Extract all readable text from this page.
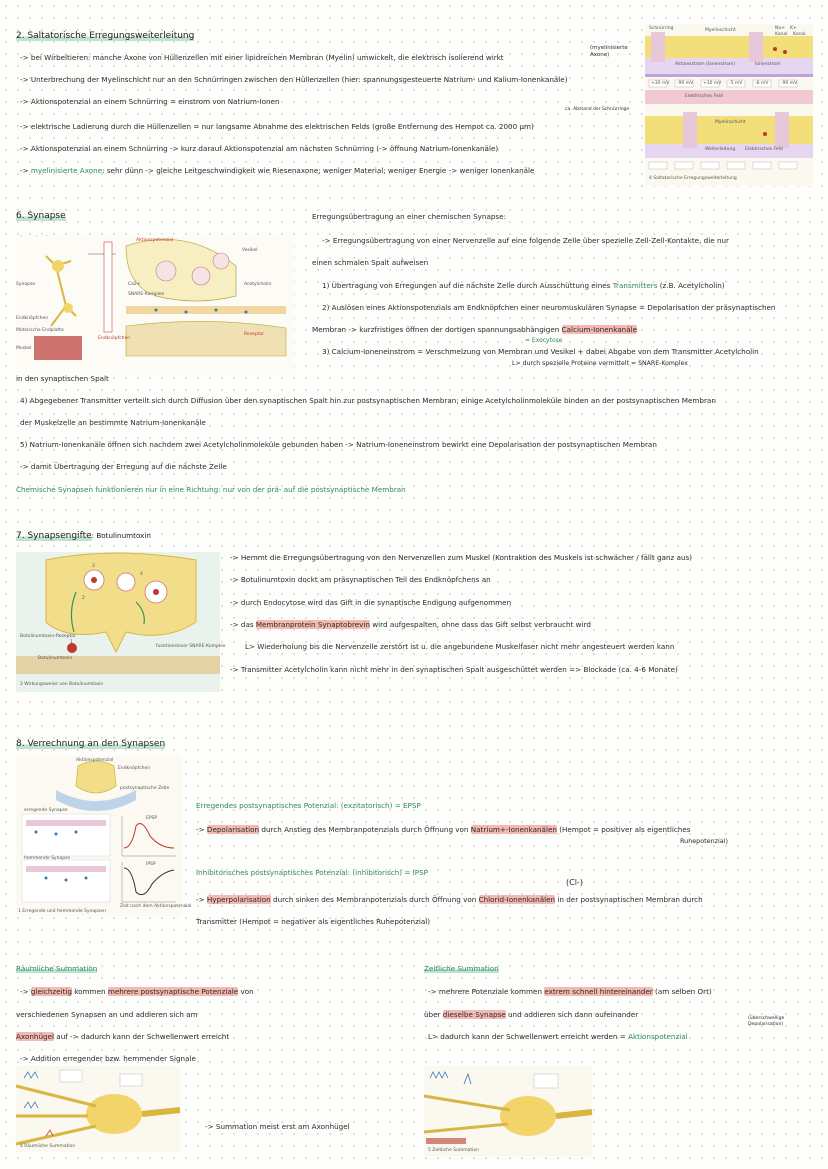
2. Saltatorische Erregungsweiterleitung
-> bei Wirbeltieren: manche Axone von Hüllenzellen mit einer lipidreichen Membran (Myelin) umwickelt, die elektrisch isolierend wirkt
(myelinisierte Axone)
-> Unterbrechung der Myelinschicht nur an den Schnürringen zwischen den Hüllenzellen (hier: spannungsgesteuerte Natrium- und Kalium-Ionenkanäle)
-> Aktionspotenzial an einem Schnürring = einstrom von Natrium-Ionen
ca. Abstand der Schnürringe
-> elektrische Ladierung durch die Hüllenzellen = nur langsame Abnahme des elektrischen Felds (große Entfernung des Hempot ca. 2000 µm)
-> Aktionspotenzial an einem Schnürring -> kurz darauf Aktionspotenzial am nächsten Schnürring (-> öffnung Natrium-Ionenkanäle)
-> myelinisierte Axone: sehr dünn -> gleiche Leitgeschwindigkeit wie Riesenaxone; weniger Material; weniger Energie -> weniger Ionenkanäle
Schnürring	Myelinschicht	Na+ K+
Kanal Kanal
Aktionsstrom (Ionenstrom)	Ionenstrom
Elektrisches Feld
Myelinschicht
Weiterleitung Elektrisches Feld
+30 mV -90 mV +30 mV -5 mV	-6 mV	-90 mV
4 Saltatorische Erregungsweiterleitung
6. Synapse
Synapse
Endknöpfchen
Motorische Endplatte
Muskel
Endknöpfchen
Aktionspotenzial
Vesikel
SNARE-Komplex
Ca2+	Acetylcholin
Rezeptor
Erregungsübertragung an einer chemischen Synapse:
-> Erregungsübertragung von einer Nervenzelle auf eine folgende Zelle über spezielle Zell-Zell-Kontakte, die nur
einen schmalen Spalt aufweisen
1) Übertragung von Erregungen auf die nächste Zelle durch Ausschüttung eines Transmitters (z.B. Acetylcholin)
2) Auslösen eines Aktionspotenzials am Endknöpfchen einer neuromuskulären Synapse = Depolarisation der präsynaptischen
Membran -> kurzfristiges öffnen der dortigen spannungsabhängigen Calcium-Ionenkanäle
= Exocytose
3) Calcium-Ioneneinstrom = Verschmelzung von Membran und Vesikel + dabei Abgabe von dem Transmitter Acetylcholin
L> durch spezielle Proteine vermittelt = SNARE-Komplex
in den synaptischen Spalt
4) Abgegebener Transmitter verteilt sich durch Diffusion über den synaptischen Spalt hin zur postsynaptischen Membran; einige Acetylcholinmoleküle binden an der postsynaptischen Membran
der Muskelzelle an bestimmte Natrium-Ionenkanäle
5) Natrium-Ionenkanäle öffnen sich nachdem zwei Acetylcholinmoleküle gebunden haben -> Natrium-Ioneneinstrom bewirkt eine Depolarisation der postsynaptischen Membran
-> damit Übertragung der Erregung auf die nächste Zelle
Chemische Synapsen funktionieren nur in eine Richtung: nur von der prä- auf die postsynaptische Membran
7. Synapsengifte: Botulinumtoxin
Botulinumtoxin-Rezeptor
Botulinumtoxin
funktionsloser SNARE-Komplex
1
2
3
4
2 Wirkungsweise von Botulinumtoxin
-> Hemmt die Erregungsübertragung von den Nervenzellen zum Muskel (Kontraktion des Muskels ist schwächer / fällt ganz aus)
-> Botulinumtoxin dockt am präsynaptischen Teil des Endknöpfchens an
-> durch Endocytose wird das Gift in die synaptische Endigung aufgenommen
-> das Membranprotein Synaptobrevin wird aufgespalten, ohne dass das Gift selbst verbraucht wird
L> Wiederholung bis die Nervenzelle zerstört ist u. die angebundene Muskelfaser nicht mehr angesteuert werden kann
-> Transmitter Acetylcholin kann nicht mehr in den synaptischen Spalt ausgeschüttet werden => Blockade (ca. 4-6 Monate)
8. Verrechnung an den Synapsen
Aktionspotenzial
Endknöpfchen
postsynaptische Zelle
erregende Synapse
hemmende Synapse
Zeit nach dem Aktionspotenzial
EPSP
IPSP
1 Erregende und hemmende Synapsen
Erregendes postsynaptisches Potenzial: (exzitatorisch) = EPSP
-> Depolarisation durch Anstieg des Membranpotenzials durch Öffnung von Natrium+-Ionenkanälen (Hempot = positiver als eigentliches
Ruhepotenzial)
Inhibitorisches postsynaptisches Potenzial: (inhibitorisch) = IPSP
(Cl-)
-> Hyperpolarisation durch sinken des Membranpotenzials durch Öffnung von Chlorid-Ionenkanälen in der postsynaptischen Membran durch
Transmitter (Hempot = negativer als eigentliches Ruhepotenzial)
Räumliche Summation
-> gleichzeitig kommen mehrere postsynaptische Potenziale von
verschiedenen Synapsen an und addieren sich am
Axonhügel auf -> dadurch kann der Schwellenwert erreicht
-> Addition erregender bzw. hemmender Signale
-> Summation meist erst am Axonhügel
4 Räumliche Summation
Zeitliche Summation
-> mehrere Potenziale kommen extrem schnell hintereinander (am selben Ort)
über dieselbe Synapse und addieren sich dann aufeinander
L> dadurch kann der Schwellenwert erreicht werden = Aktionspotenzial
(überschwellige Depolarisation)
5 Zeitliche Summation
